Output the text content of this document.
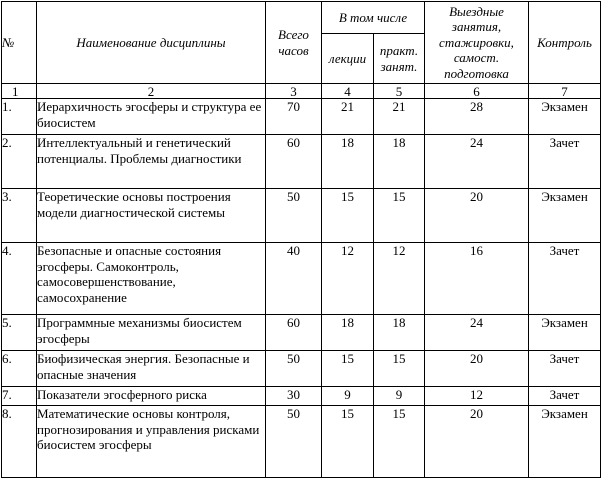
№	Наименование дисциплины	Всего часов	В том числе		Выездные занятия, стажировки, самост. подготовка	Контроль
			лекции	практ. занят.		
1	2	3	4	5	6	7
1.	Иерархичность эгосферы и структура ее биосистем	70	21	21	28	Экзамен
2.	Интеллектуальный и генетический потенциалы. Проблемы диагностики	60	18	18	24	Зачет
3.	Теоретические основы построения модели диагностической системы	50	15	15	20	Экзамен
4.	Безопасные и опасные состояния эгосферы. Самоконтроль, самосовершенствование, самосохранение	40	12	12	16	Зачет
5.	Программные механизмы биосистем эгосферы	60	18	18	24	Экзамен
6.	Биофизическая энергия. Безопасные и опасные значения	50	15	15	20	Зачет
7.	Показатели эгосферного риска	30	9	9	12	Зачет
8.	Математические основы контроля, прогнозирования и управления рисками биосистем эгосферы	50	15	15	20	Экзамен
